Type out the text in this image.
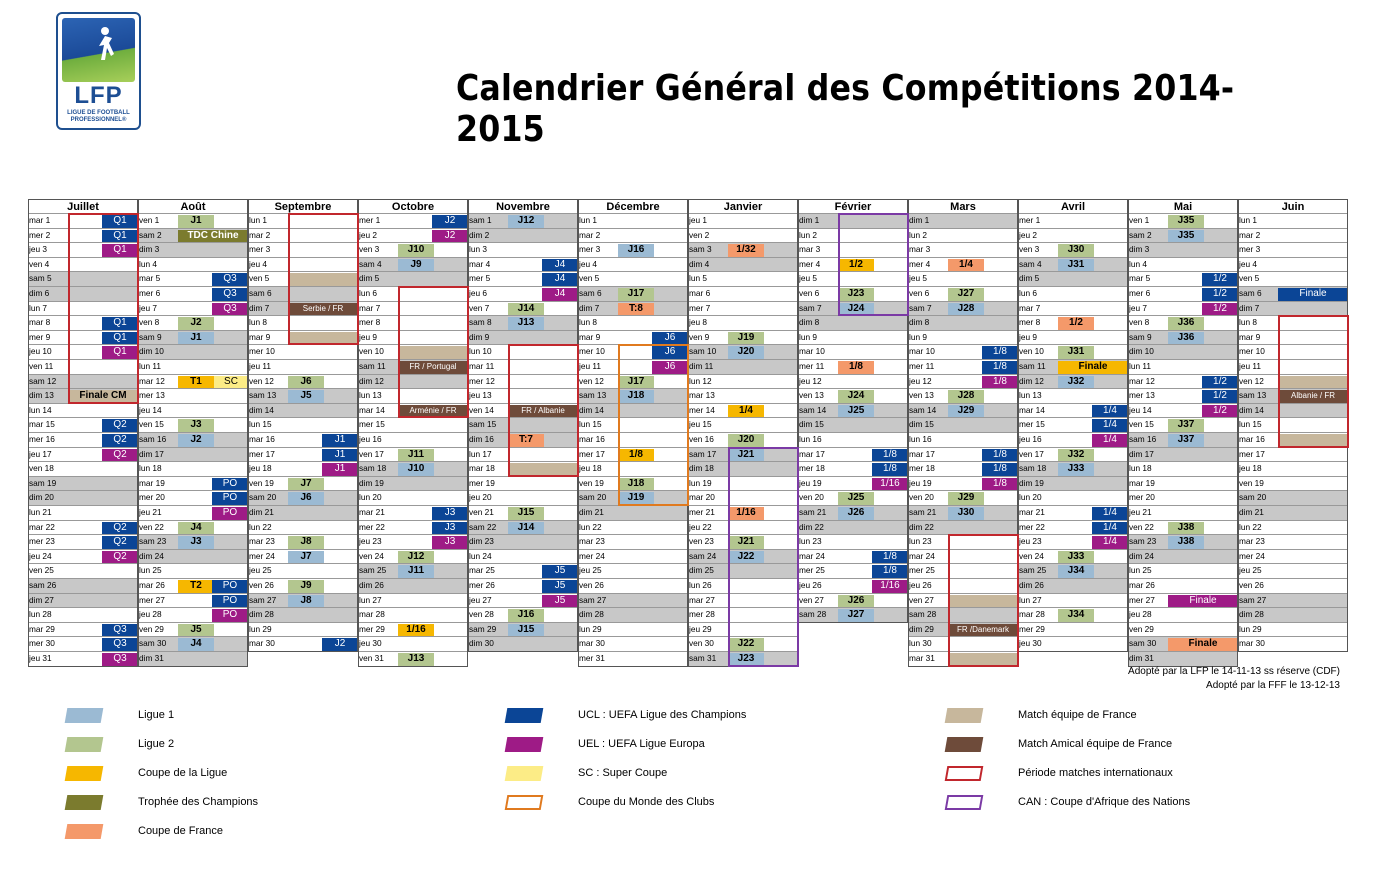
LFP
LIGUE DE FOOTBALL PROFESSIONNEL®
Calendrier Général des Compétitions 2014-2015
Juillet
mar 1	Q1
mer 2	Q1
jeu 3	Q1
ven 4
sam 5
dim 6
lun 7
mar 8	Q1
mer 9	Q1
jeu 10	Q1
ven 11
sam 12
dim 13	Finale CM
lun 14
mar 15	Q2
mer 16	Q2
jeu 17	Q2
ven 18
sam 19
dim 20
lun 21
mar 22	Q2
mer 23	Q2
jeu 24	Q2
ven 25
sam 26
dim 27
lun 28
mar 29	Q3
mer 30	Q3
jeu 31	Q3
Août
ven 1	J1
sam 2	TDC Chine
dim 3
lun 4
mar 5	Q3
mer 6	Q3
jeu 7	Q3
ven 8	J2
sam 9	J1
dim 10
lun 11
mar 12	T1	SC
mer 13
jeu 14
ven 15	J3
sam 16	J2
dim 17
lun 18
mar 19	PO
mer 20	PO
jeu 21	PO
ven 22	J4
sam 23	J3
dim 24
lun 25
mar 26	T2	PO
mer 27	PO
jeu 28	PO
ven 29	J5
sam 30	J4
dim 31
Septembre
lun 1
mar 2
mer 3
jeu 4
ven 5
sam 6
dim 7	Serbie / FR
lun 8
mar 9
mer 10
jeu 11
ven 12	J6
sam 13	J5
dim 14
lun 15
mar 16	J1
mer 17	J1
jeu 18	J1
ven 19	J7
sam 20	J6
dim 21
lun 22
mar 23	J8
mer 24	J7
jeu 25
ven 26	J9
sam 27	J8
dim 28
lun 29
mar 30	J2
Octobre
mer 1	J2
jeu 2	J2
ven 3	J10
sam 4	J9
dim 5
lun 6
mar 7
mer 8
jeu 9
ven 10
sam 11	FR / Portugal
dim 12
lun 13
mar 14	Arménie / FR
mer 15
jeu 16
ven 17	J11
sam 18	J10
dim 19
lun 20
mar 21	J3
mer 22	J3
jeu 23	J3
ven 24	J12
sam 25	J11
dim 26
lun 27
mar 28
mer 29	1/16
jeu 30
ven 31	J13
Novembre
sam 1	J12
dim 2
lun 3
mar 4	J4
mer 5	J4
jeu 6	J4
ven 7	J14
sam 8	J13
dim 9
lun 10
mar 11
mer 12
jeu 13
ven 14	FR / Albanie
sam 15
dim 16	T:7
lun 17
mar 18
mer 19
jeu 20
ven 21	J15
sam 22	J14
dim 23
lun 24
mar 25	J5
mer 26	J5
jeu 27	J5
ven 28	J16
sam 29	J15
dim 30
Décembre
lun 1
mar 2
mer 3	J16
jeu 4
ven 5
sam 6	J17
dim 7	T:8
lun 8
mar 9	J6
mer 10	J6
jeu 11	J6
ven 12	J17
sam 13	J18
dim 14
lun 15
mar 16
mer 17	1/8
jeu 18
ven 19	J18
sam 20	J19
dim 21
lun 22
mar 23
mer 24
jeu 25
ven 26
sam 27
dim 28
lun 29
mar 30
mer 31
Janvier
jeu 1
ven 2
sam 3	1/32
dim 4
lun 5
mar 6
mer 7
jeu 8
ven 9	J19
sam 10	J20
dim 11
lun 12
mar 13
mer 14	1/4
jeu 15
ven 16	J20
sam 17	J21
dim 18
lun 19
mar 20
mer 21	1/16
jeu 22
ven 23	J21
sam 24	J22
dim 25
lun 26
mar 27
mer 28
jeu 29
ven 30	J22
sam 31	J23
Février
dim 1
lun 2
mar 3
mer 4	1/2
jeu 5
ven 6	J23
sam 7	J24
dim 8
lun 9
mar 10
mer 11	1/8
jeu 12
ven 13	J24
sam 14	J25
dim 15
lun 16
mar 17	1/8
mer 18	1/8
jeu 19	1/16
ven 20	J25
sam 21	J26
dim 22
lun 23
mar 24	1/8
mer 25	1/8
jeu 26	1/16
ven 27	J26
sam 28	J27
Mars
dim 1
lun 2
mar 3
mer 4	1/4
jeu 5
ven 6	J27
sam 7	J28
dim 8
lun 9
mar 10	1/8
mer 11	1/8
jeu 12	1/8
ven 13	J28
sam 14	J29
dim 15
lun 16
mar 17	1/8
mer 18	1/8
jeu 19	1/8
ven 20	J29
sam 21	J30
dim 22
lun 23
mar 24
mer 25
jeu 26
ven 27
sam 28
dim 29	FR /Danemark
lun 30
mar 31
Avril
mer 1
jeu 2
ven 3	J30
sam 4	J31
dim 5
lun 6
mar 7
mer 8	1/2
jeu 9
ven 10	J31
sam 11	Finale
dim 12	J32
lun 13
mar 14	1/4
mer 15	1/4
jeu 16	1/4
ven 17	J32
sam 18	J33
dim 19
lun 20
mar 21	1/4
mer 22	1/4
jeu 23	1/4
ven 24	J33
sam 25	J34
dim 26
lun 27
mar 28	J34
mer 29
jeu 30
Mai
ven 1	J35
sam 2	J35
dim 3
lun 4
mar 5	1/2
mer 6	1/2
jeu 7	1/2
ven 8	J36
sam 9	J36
dim 10
lun 11
mar 12	1/2
mer 13	1/2
jeu 14	1/2
ven 15	J37
sam 16	J37
dim 17
lun 18
mar 19
mer 20
jeu 21
ven 22	J38
sam 23	J38
dim 24
lun 25
mar 26
mer 27	Finale
jeu 28
ven 29
sam 30	Finale
dim 31
Juin
lun 1
mar 2
mer 3
jeu 4
ven 5
sam 6	Finale
dim 7
lun 8
mar 9
mer 10
jeu 11
ven 12
sam 13	Albanie / FR
dim 14
lun 15
mar 16
mer 17
jeu 18
ven 19
sam 20
dim 21
lun 22
mar 23
mer 24
jeu 25
ven 26
sam 27
dim 28
lun 29
mar 30
Adopté par la LFP le 14-11-13 ss réserve (CDF)
Adopté par la FFF le 13-12-13
Ligue 1
Ligue 2
Coupe de la Ligue
Trophée des Champions
Coupe de France
UCL : UEFA Ligue des Champions
UEL : UEFA Ligue Europa
SC : Super Coupe
Coupe du Monde des Clubs
Match équipe de France
Match Amical équipe de France
Période matches internationaux
CAN : Coupe d'Afrique des Nations
